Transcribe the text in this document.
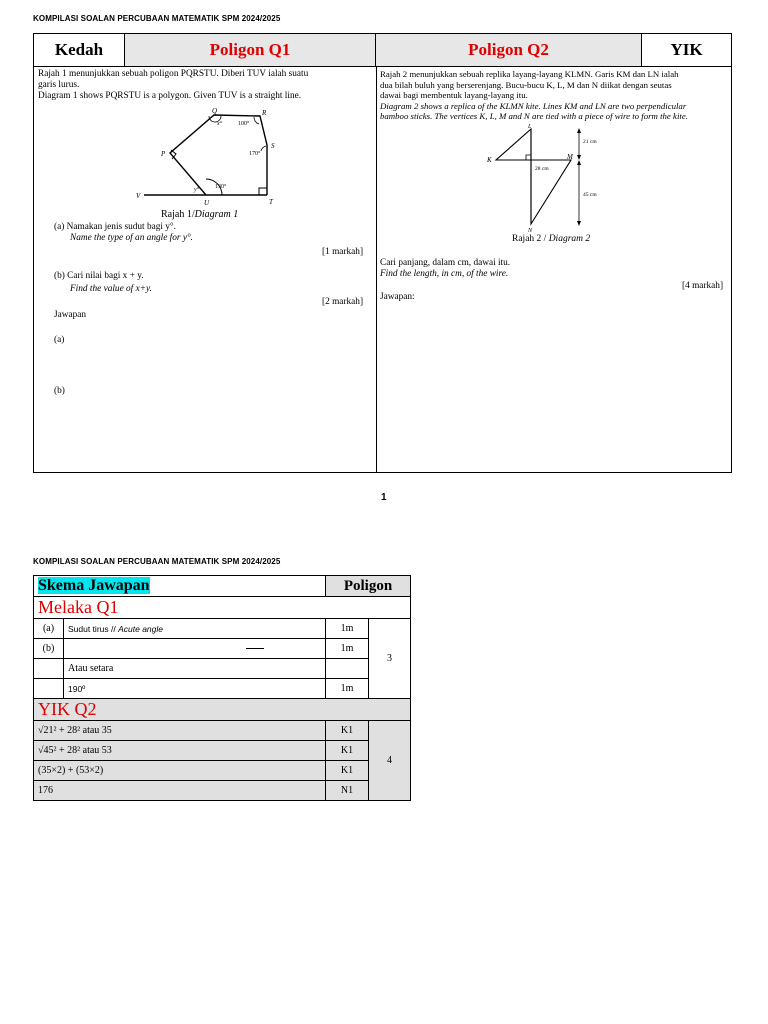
KOMPILASI SOALAN PERCUBAAN MATEMATIK SPM 2024/2025
Kedah	Poligon Q1	Poligon Q2	YIK
Rajah 1 menunjukkan sebuah poligon PQRSTU. Diberi TUV ialah suatu
garis lurus.
Diagram 1 shows PQRSTU is a polygon. Given TUV is a straight line.
Q	R
P
S
V
U	T
x°
y°
100°
170°
130°
Rajah 1/Diagram 1
(a) Namakan jenis sudut bagi y°.
Name the type of an angle for y°.
[1 markah]
(b) Cari nilai bagi x + y.
Find the value of x+y.
[2 markah]
Jawapan
(a)
(b)
Rajah 2 menunjukkan sebuah replika layang-layang KLMN. Garis KM dan LN ialah
dua bilah buluh yang berserenjang. Bucu-bucu K, L, M dan N diikat dengan seutas
dawai bagi membentuk layang-layang itu.
Diagram 2 shows a replica of the KLMN kite. Lines KM and LN are two perpendicular
bamboo sticks. The vertices K, L, M and N are tied with a piece of wire to form the kite.
L
K	M
N
21 cm
28 cm
45 cm
Rajah 2 / Diagram 2
Cari panjang, dalam cm, dawai itu.
Find the length, in cm, of the wire.
[4 markah]
Jawapan:
1
KOMPILASI SOALAN PERCUBAAN MATEMATIK SPM 2024/2025
Skema Jawapan		Poligon	
Melaka Q1			
(a)	Sudut tirus // Acute angle	1m	3
(b)		1m	
	Atau setara		
	190º	1m	
YIK Q2			
√21² + 28² atau 35		K1	4
√45² + 28² atau 53		K1	
(35×2) + (53×2)		K1	
176		N1	
